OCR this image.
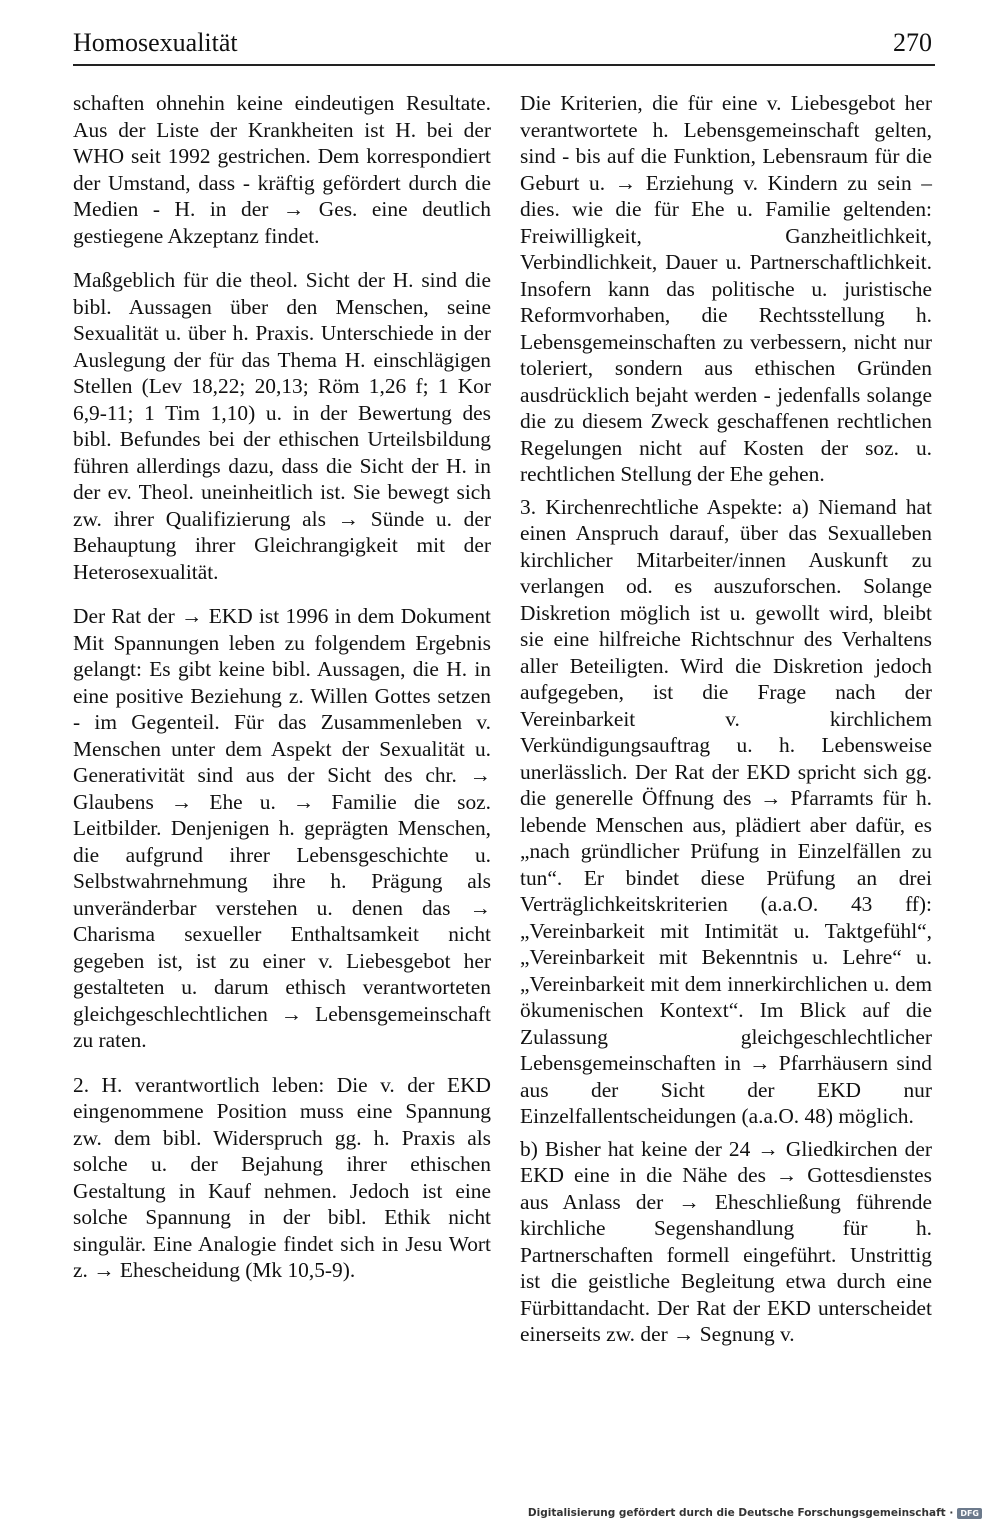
Homosexualität	270

schaften ohnehin keine eindeutigen Resultate. Aus der Liste der Krankheiten ist H. bei der WHO seit 1992 gestrichen. Dem korrespondiert der Umstand, dass - kräftig gefördert durch die Medien - H. in der → Ges. eine deutlich gestiegene Akzeptanz findet.

Maßgeblich für die theol. Sicht der H. sind die bibl. Aussagen über den Menschen, seine Sexualität u. über h. Praxis. Unterschiede in der Auslegung der für das Thema H. einschlägigen Stellen (Lev 18,22; 20,13; Röm 1,26 f; 1 Kor 6,9-11; 1 Tim 1,10) u. in der Bewertung des bibl. Befundes bei der ethischen Urteilsbildung führen allerdings dazu, dass die Sicht der H. in der ev. Theol. uneinheitlich ist. Sie bewegt sich zw. ihrer Qualifizierung als → Sünde u. der Behauptung ihrer Gleichrangigkeit mit der Heterosexualität.

Der Rat der → EKD ist 1996 in dem Dokument Mit Spannungen leben zu folgendem Ergebnis gelangt: Es gibt keine bibl. Aussagen, die H. in eine positive Beziehung z. Willen Gottes setzen - im Gegenteil. Für das Zusammenleben v. Menschen unter dem Aspekt der Sexualität u. Generativität sind aus der Sicht des chr. → Glaubens → Ehe u. → Familie die soz. Leitbilder. Denjenigen h. geprägten Menschen, die aufgrund ihrer Lebensgeschichte u. Selbstwahrnehmung ihre h. Prägung als unveränderbar verstehen u. denen das → Charisma sexueller Enthaltsamkeit nicht gegeben ist, ist zu einer v. Liebesgebot her gestalteten u. darum ethisch verantworteten gleichgeschlechtlichen → Lebensgemeinschaft zu raten.

2. H. verantwortlich leben: Die v. der EKD eingenommene Position muss eine Spannung zw. dem bibl. Widerspruch gg. h. Praxis als solche u. der Bejahung ihrer ethischen Gestaltung in Kauf nehmen. Jedoch ist eine solche Spannung in der bibl. Ethik nicht singulär. Eine Analogie findet sich in Jesu Wort z. → Ehescheidung (Mk 10,5-9).

Die Kriterien, die für eine v. Liebesgebot her verantwortete h. Lebensgemeinschaft gelten, sind - bis auf die Funktion, Lebensraum für die Geburt u. → Erziehung v. Kindern zu sein – dies. wie die für Ehe u. Familie geltenden: Freiwilligkeit, Ganzheitlichkeit, Verbindlichkeit, Dauer u. Partnerschaftlichkeit. Insofern kann das politische u. juristische Reformvorhaben, die Rechtsstellung h. Lebensgemeinschaften zu verbessern, nicht nur toleriert, sondern aus ethischen Gründen ausdrücklich bejaht werden - jedenfalls solange die zu diesem Zweck geschaffenen rechtlichen Regelungen nicht auf Kosten der soz. u. rechtlichen Stellung der Ehe gehen.

3. Kirchenrechtliche Aspekte: a) Niemand hat einen Anspruch darauf, über das Sexualleben kirchlicher Mitarbeiter/innen Auskunft zu verlangen od. es auszuforschen. Solange Diskretion möglich ist u. gewollt wird, bleibt sie eine hilfreiche Richtschnur des Verhaltens aller Beteiligten. Wird die Diskretion jedoch aufgegeben, ist die Frage nach der Vereinbarkeit v. kirchlichem Verkündigungsauftrag u. h. Lebensweise unerlässlich. Der Rat der EKD spricht sich gg. die generelle Öffnung des → Pfarramts für h. lebende Menschen aus, plädiert aber dafür, es „nach gründlicher Prüfung in Einzelfällen zu tun“. Er bindet diese Prüfung an drei Verträglichkeitskriterien (a.a.O. 43 ff): „Vereinbarkeit mit Intimität u. Taktgefühl“, „Vereinbarkeit mit Bekenntnis u. Lehre“ u. „Vereinbarkeit mit dem innerkirchlichen u. dem ökumenischen Kontext“. Im Blick auf die Zulassung gleichgeschlechtlicher Lebensgemeinschaften in → Pfarrhäusern sind aus der Sicht der EKD nur Einzelfallentscheidungen (a.a.O. 48) möglich.

b) Bisher hat keine der 24 → Gliedkirchen der EKD eine in die Nähe des → Gottesdienstes aus Anlass der → Eheschließung führende kirchliche Segenshandlung für h. Partnerschaften formell eingeführt. Unstrittig ist die geistliche Begleitung etwa durch eine Fürbittandacht. Der Rat der EKD unterscheidet einerseits zw. der → Segnung v.

Digitalisierung gefördert durch die Deutsche Forschungsgemeinschaft · DFG
